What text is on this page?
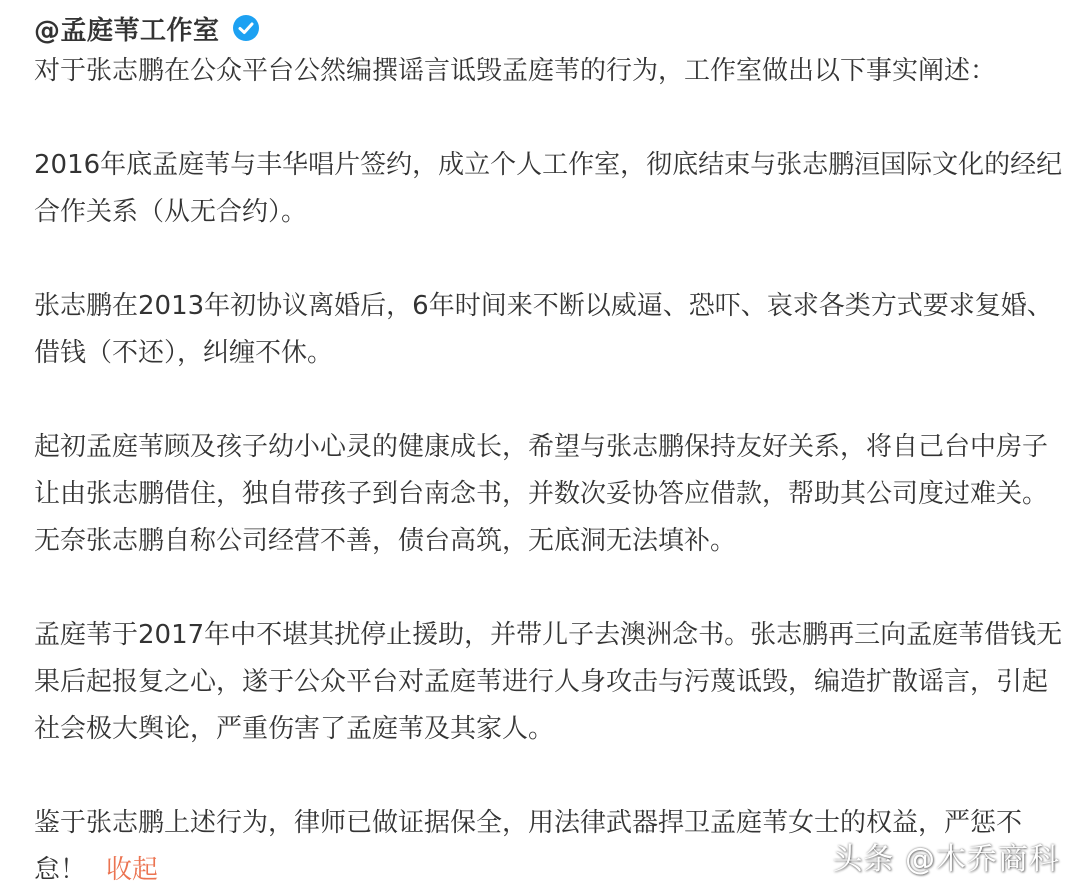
@孟庭苇工作室

对于张志鹏在公众平台公然编撰谣言诋毁孟庭苇的行为，工作室做出以下事实阐述：

2016年底孟庭苇与丰华唱片签约，成立个人工作室，彻底结束与张志鹏洹国际文化的经纪合作关系（从无合约）。

张志鹏在2013年初协议离婚后，6年时间来不断以威逼、恐吓、哀求各类方式要求复婚、借钱（不还），纠缠不休。

起初孟庭苇顾及孩子幼小心灵的健康成长，希望与张志鹏保持友好关系，将自己台中房子让由张志鹏借住，独自带孩子到台南念书，并数次妥协答应借款，帮助其公司度过难关。无奈张志鹏自称公司经营不善，债台高筑，无底洞无法填补。

孟庭苇于2017年中不堪其扰停止援助，并带儿子去澳洲念书。张志鹏再三向孟庭苇借钱无果后起报复之心，遂于公众平台对孟庭苇进行人身攻击与污蔑诋毁，编造扩散谣言，引起社会极大舆论，严重伤害了孟庭苇及其家人。

鉴于张志鹏上述行为，律师已做证据保全，用法律武器捍卫孟庭苇女士的权益，严惩不怠！ 收起	头条 @木乔商科
